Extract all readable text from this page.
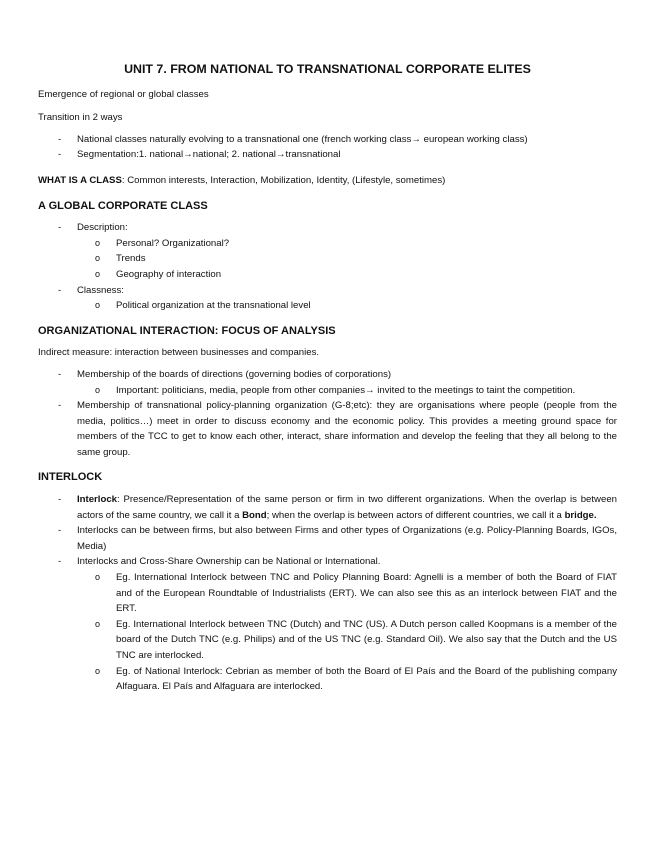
UNIT 7. FROM NATIONAL TO TRANSNATIONAL CORPORATE ELITES

Emergence of regional or global classes

Transition in 2 ways

- National classes naturally evolving to a transnational one (french working class→ european working class)
- Segmentation:1. national→national; 2. national→transnational

WHAT IS A CLASS: Common interests, Interaction, Mobilization, Identity, (Lifestyle, sometimes)

A GLOBAL CORPORATE CLASS
- Description:
o Personal? Organizational?
o Trends
o Geography of interaction
- Classness:
o Political organization at the transnational level
ORGANIZATIONAL INTERACTION: FOCUS OF ANALYSIS

Indirect measure: interaction between businesses and companies.

- Membership of the boards of directions (governing bodies of corporations)
o Important: politicians, media, people from other companies→ invited to the meetings to taint the competition.
- Membership of transnational policy-planning organization (G-8;etc): they are organisations where people (people from the media, politics…) meet in order to discuss economy and the economic policy. This provides a meeting ground space for members of the TCC to get to know each other, interact, share information and develop the feeling that they all belong to the same group.
INTERLOCK
- Interlock: Presence/Representation of the same person or firm in two different organizations. When the overlap is between actors of the same country, we call it a Bond; when the overlap is between actors of different countries, we call it a bridge.
- Interlocks can be between firms, but also between Firms and other types of Organizations (e.g. Policy-Planning Boards, IGOs, Media)
- Interlocks and Cross-Share Ownership can be National or International.
o Eg. International Interlock between TNC and Policy Planning Board: Agnelli is a member of both the Board of FIAT and of the European Roundtable of Industrialists (ERT). We can also see this as an interlock between FIAT and the ERT.
o Eg. International Interlock between TNC (Dutch) and TNC (US). A Dutch person called Koopmans is a member of the board of the Dutch TNC (e.g. Philips) and of the US TNC (e.g. Standard Oil). We also say that the Dutch and the US TNC are interlocked.
o Eg. of National Interlock: Cebrian as member of both the Board of El País and the Board of the publishing company Alfaguara. El País and Alfaguara are interlocked.
